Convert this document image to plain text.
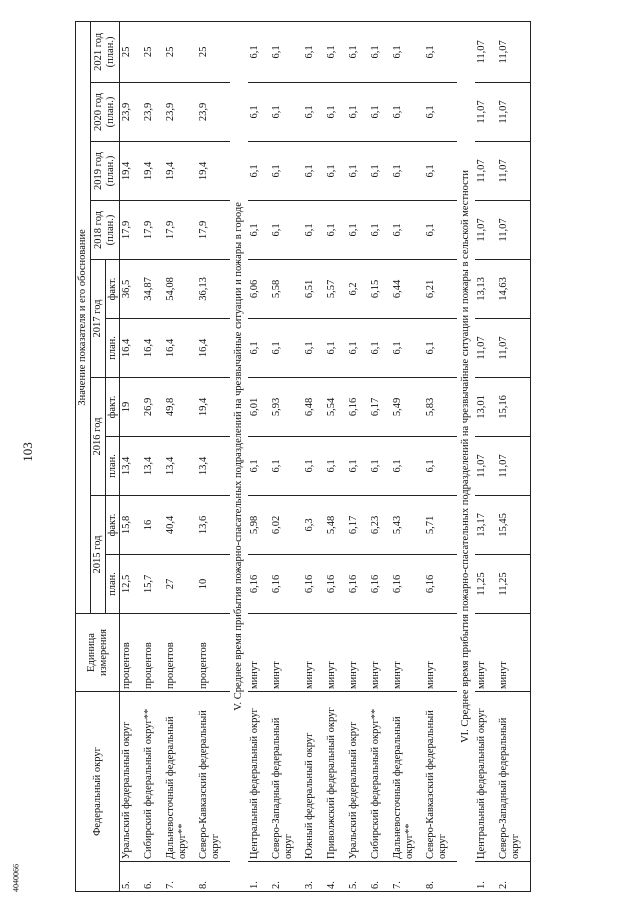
103
4040066
Федеральный округ		Единица измерения	Значение показателя и его обоснование									
			2015 год		2016 год		2017 год		2018 год (план.)	2019 год (план.)	2020 год (план.)	2021 год (план.)
			план.	факт.	план.	факт.	план.	факт.				
5.	Уральский федеральный округ	процентов	12,5	15,8	13,4	19	16,4	36,5	17,9	19,4	23,9	25
6.	Сибирский федеральный округ**	процентов	15,7	16	13,4	26,9	16,4	34,87	17,9	19,4	23,9	25
7.	Дальневосточный федеральный округ**	процентов	27	40,4	13,4	49,8	16,4	54,08	17,9	19,4	23,9	25
8.	Северо-Кавказский федеральный округ	процентов	10	13,6	13,4	19,4	16,4	36,13	17,9	19,4	23,9	25
V. Среднее время прибытия пожарно-спасательных подразделений на чрезвычайные ситуации и пожары в городе												
1.	Центральный федеральный округ	минут	6,16	5,98	6,1	6,01	6,1	6,06	6,1	6,1	6,1	6,1
2.	Северо-Западный федеральный округ	минут	6,16	6,02	6,1	5,93	6,1	5,58	6,1	6,1	6,1	6,1
3.	Южный федеральный округ	минут	6,16	6,3	6,1	6,48	6,1	6,51	6,1	6,1	6,1	6,1
4.	Приволжский федеральный округ	минут	6,16	5,48	6,1	5,54	6,1	5,57	6,1	6,1	6,1	6,1
5.	Уральский федеральный округ	минут	6,16	6,17	6,1	6,16	6,1	6,2	6,1	6,1	6,1	6,1
6.	Сибирский федеральный округ**	минут	6,16	6,23	6,1	6,17	6,1	6,15	6,1	6,1	6,1	6,1
7.	Дальневосточный федеральный округ**	минут	6,16	5,43	6,1	5,49	6,1	6,44	6,1	6,1	6,1	6,1
8.	Северо-Кавказский федеральный округ	минут	6,16	5,71	6,1	5,83	6,1	6,21	6,1	6,1	6,1	6,1
VI. Среднее время прибытия пожарно-спасательных подразделений на чрезвычайные ситуации и пожары в сельской местности												
1.	Центральный федеральный округ	минут	11,25	13,17	11,07	13,01	11,07	13,13	11,07	11,07	11,07	11,07
2.	Северо-Западный федеральный округ	минут	11,25	15,45	11,07	15,16	11,07	14,63	11,07	11,07	11,07	11,07
